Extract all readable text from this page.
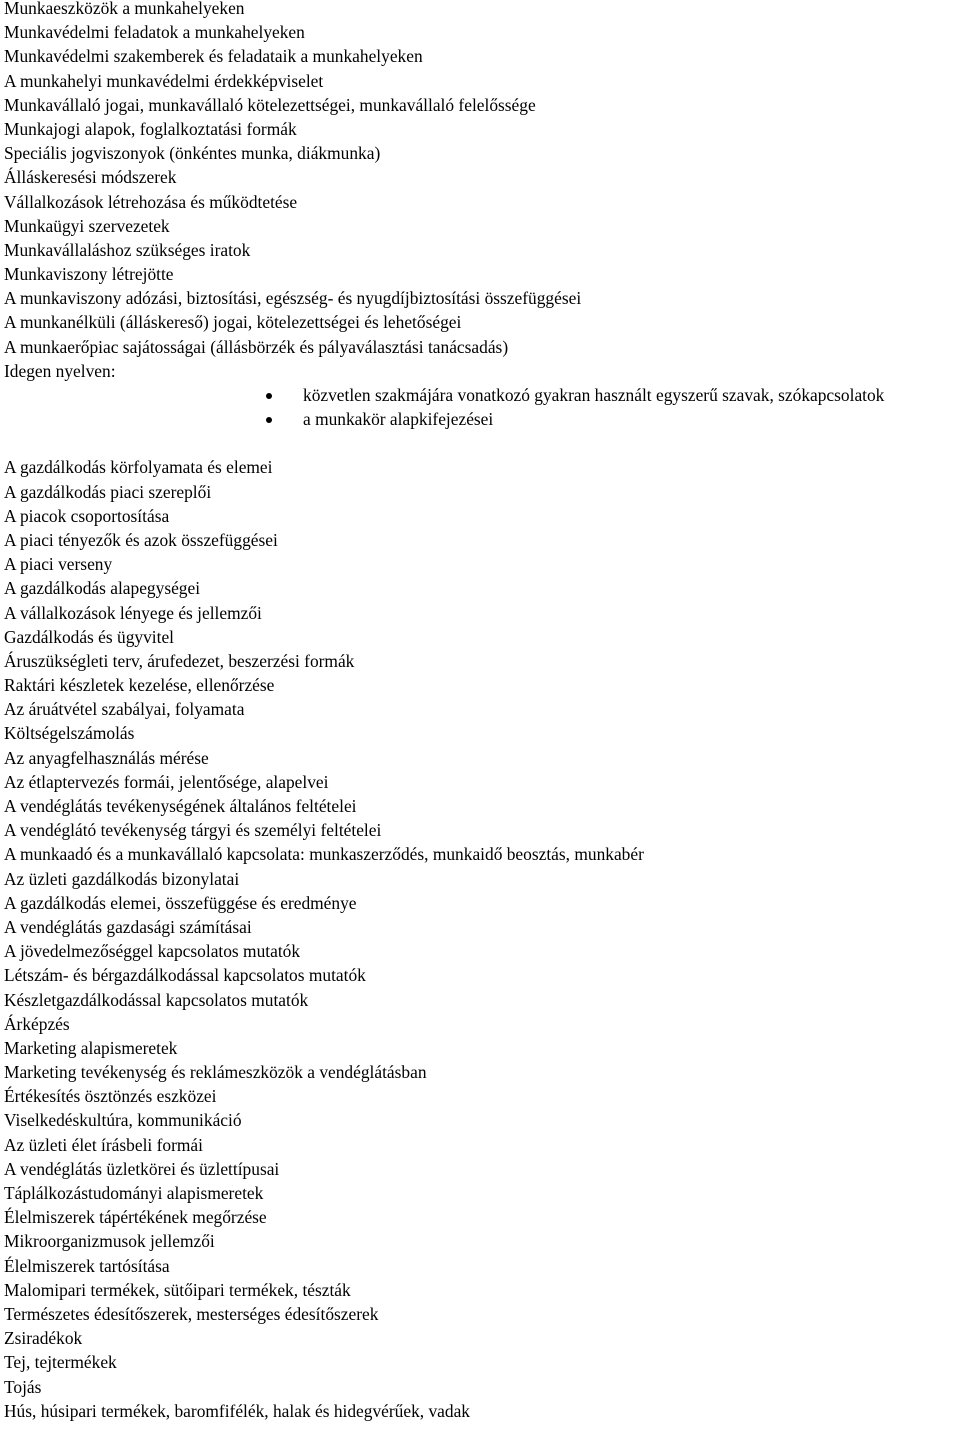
Munkaeszközök a munkahelyeken
Munkavédelmi feladatok a munkahelyeken
Munkavédelmi szakemberek és feladataik a munkahelyeken
A munkahelyi munkavédelmi érdekképviselet
Munkavállaló jogai, munkavállaló kötelezettségei, munkavállaló felelőssége
Munkajogi alapok, foglalkoztatási formák
Speciális jogviszonyok (önkéntes munka, diákmunka)
Álláskeresési módszerek
Vállalkozások létrehozása és működtetése
Munkaügyi szervezetek
Munkavállaláshoz szükséges iratok
Munkaviszony létrejötte
A munkaviszony adózási, biztosítási, egészség- és nyugdíjbiztosítási összefüggései
A munkanélküli (álláskereső) jogai, kötelezettségei és lehetőségei
A munkaerőpiac sajátosságai (állásbörzék és pályaválasztási tanácsadás)
Idegen nyelven:
közvetlen szakmájára vonatkozó gyakran használt egyszerű szavak, szókapcsolatok
a munkakör alapkifejezései
A gazdálkodás körfolyamata és elemei
A gazdálkodás piaci szereplői
A piacok csoportosítása
A piaci tényezők és azok összefüggései
A piaci verseny
A gazdálkodás alapegységei
A vállalkozások lényege és jellemzői
Gazdálkodás és ügyvitel
Áruszükségleti terv, árufedezet, beszerzési formák
Raktári készletek kezelése, ellenőrzése
Az áruátvétel szabályai, folyamata
Költségelszámolás
Az anyagfelhasználás mérése
Az étlaptervezés formái, jelentősége, alapelvei
A vendéglátás tevékenységének általános feltételei
A vendéglátó tevékenység tárgyi és személyi feltételei
A munkaadó és a munkavállaló kapcsolata: munkaszerződés, munkaidő beosztás, munkabér
Az üzleti gazdálkodás bizonylatai
A gazdálkodás elemei, összefüggése és eredménye
A vendéglátás gazdasági számításai
A jövedelmezőséggel kapcsolatos mutatók
Létszám- és bérgazdálkodással kapcsolatos mutatók
Készletgazdálkodással kapcsolatos mutatók
Árképzés
Marketing alapismeretek
Marketing tevékenység és reklámeszközök a vendéglátásban
Értékesítés ösztönzés eszközei
Viselkedéskultúra, kommunikáció
Az üzleti élet írásbeli formái
A vendéglátás üzletkörei és üzlettípusai
Táplálkozástudományi alapismeretek
Élelmiszerek tápértékének megőrzése
Mikroorganizmusok jellemzői
Élelmiszerek tartósítása
Malomipari termékek, sütőipari termékek, tészták
Természetes édesítőszerek, mesterséges édesítőszerek
Zsiradékok
Tej, tejtermékek
Tojás
Hús, húsipari termékek, baromfifélék, halak és hidegvérűek, vadak
